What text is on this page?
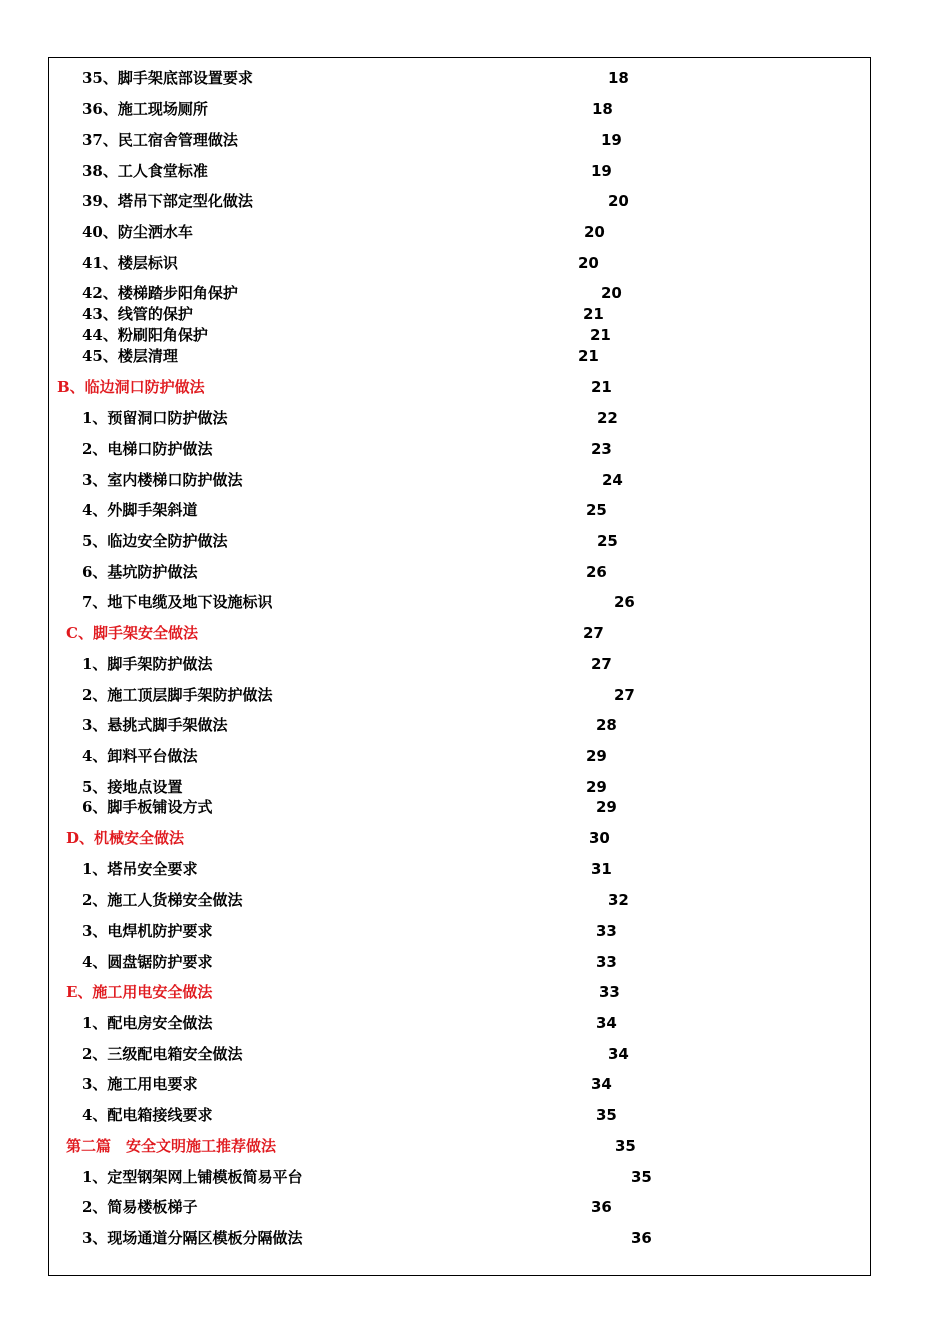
35、脚手架底部设置要求	18
36、施工现场厕所	18
37、民工宿舍管理做法	19
38、工人食堂标准	19
39、塔吊下部定型化做法	20
40、防尘洒水车	20
41、楼层标识	20
42、楼梯踏步阳角保护	20
43、线管的保护	21
44、粉刷阳角保护	21
45、楼层清理	21
B、临边洞口防护做法	21
1、预留洞口防护做法	22
2、电梯口防护做法	23
3、室内楼梯口防护做法	24
4、外脚手架斜道	25
5、临边安全防护做法	25
6、基坑防护做法	26
7、地下电缆及地下设施标识	26
C、脚手架安全做法	27
1、脚手架防护做法	27
2、施工顶层脚手架防护做法	27
3、悬挑式脚手架做法	28
4、卸料平台做法	29
5、接地点设置	29
6、脚手板铺设方式	29
D、机械安全做法	30
1、塔吊安全要求	31
2、施工人货梯安全做法	32
3、电焊机防护要求	33
4、圆盘锯防护要求	33
E、施工用电安全做法	33
1、配电房安全做法	34
2、三级配电箱安全做法	34
3、施工用电要求	34
4、配电箱接线要求	35
第二篇　安全文明施工推荐做法	35
1、定型钢架网上铺模板简易平台	35
2、简易楼板梯子	36
3、现场通道分隔区模板分隔做法	36
